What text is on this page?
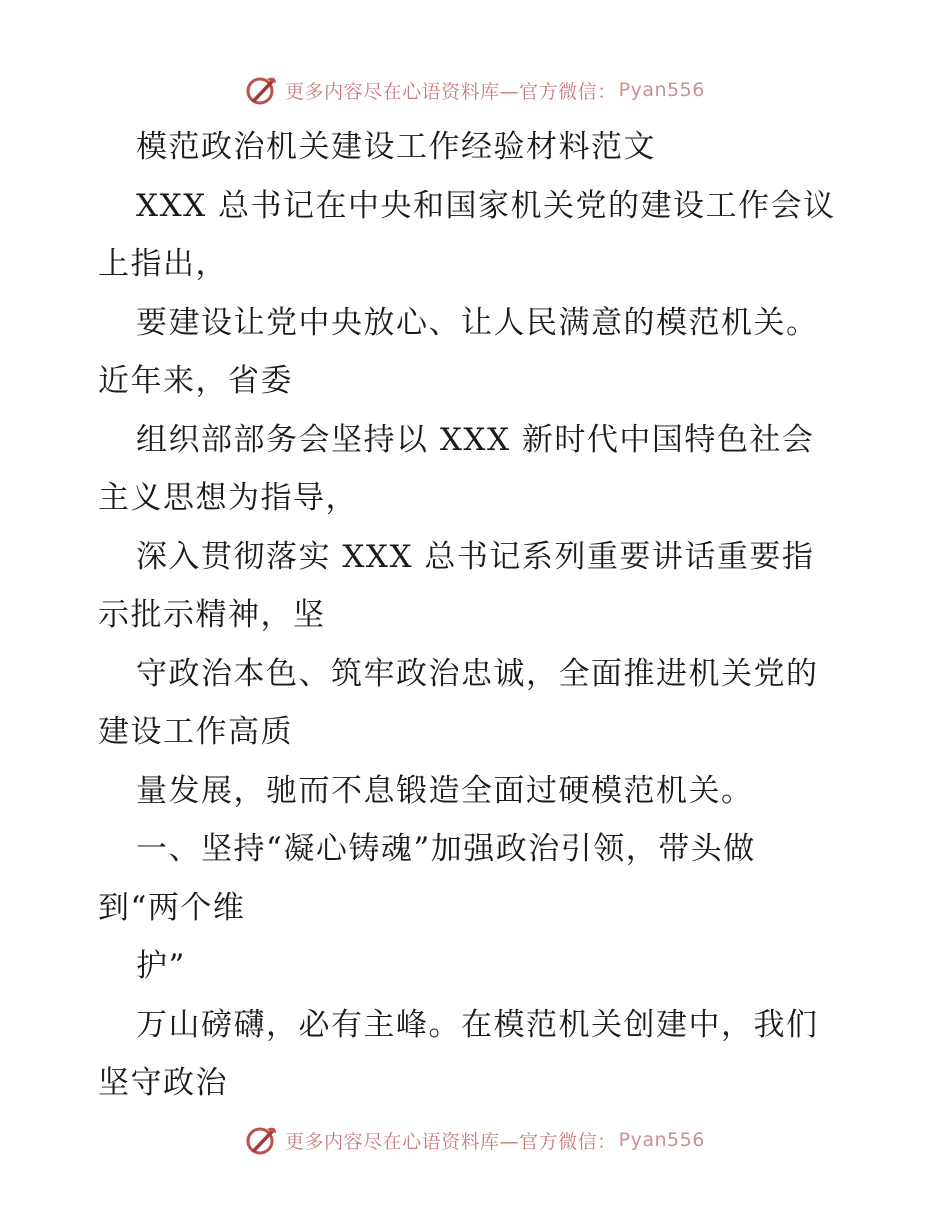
更多内容尽在心语资料库—官方微信： Pyan556
模范政治机关建设工作经验材料范文
XXX 总书记在中央和国家机关党的建设工作会议
上指出，
要建设让党中央放心、让人民满意的模范机关。
近年来，省委
组织部部务会坚持以 XXX 新时代中国特色社会
主义思想为指导，
深入贯彻落实 XXX 总书记系列重要讲话重要指
示批示精神，坚
守政治本色、筑牢政治忠诚，全面推进机关党的
建设工作高质
量发展，驰而不息锻造全面过硬模范机关。
一、坚持“凝心铸魂”加强政治引领，带头做
到“两个维
护”
万山磅礴，必有主峰。在模范机关创建中，我们
坚守政治
更多内容尽在心语资料库—官方微信： Pyan556
